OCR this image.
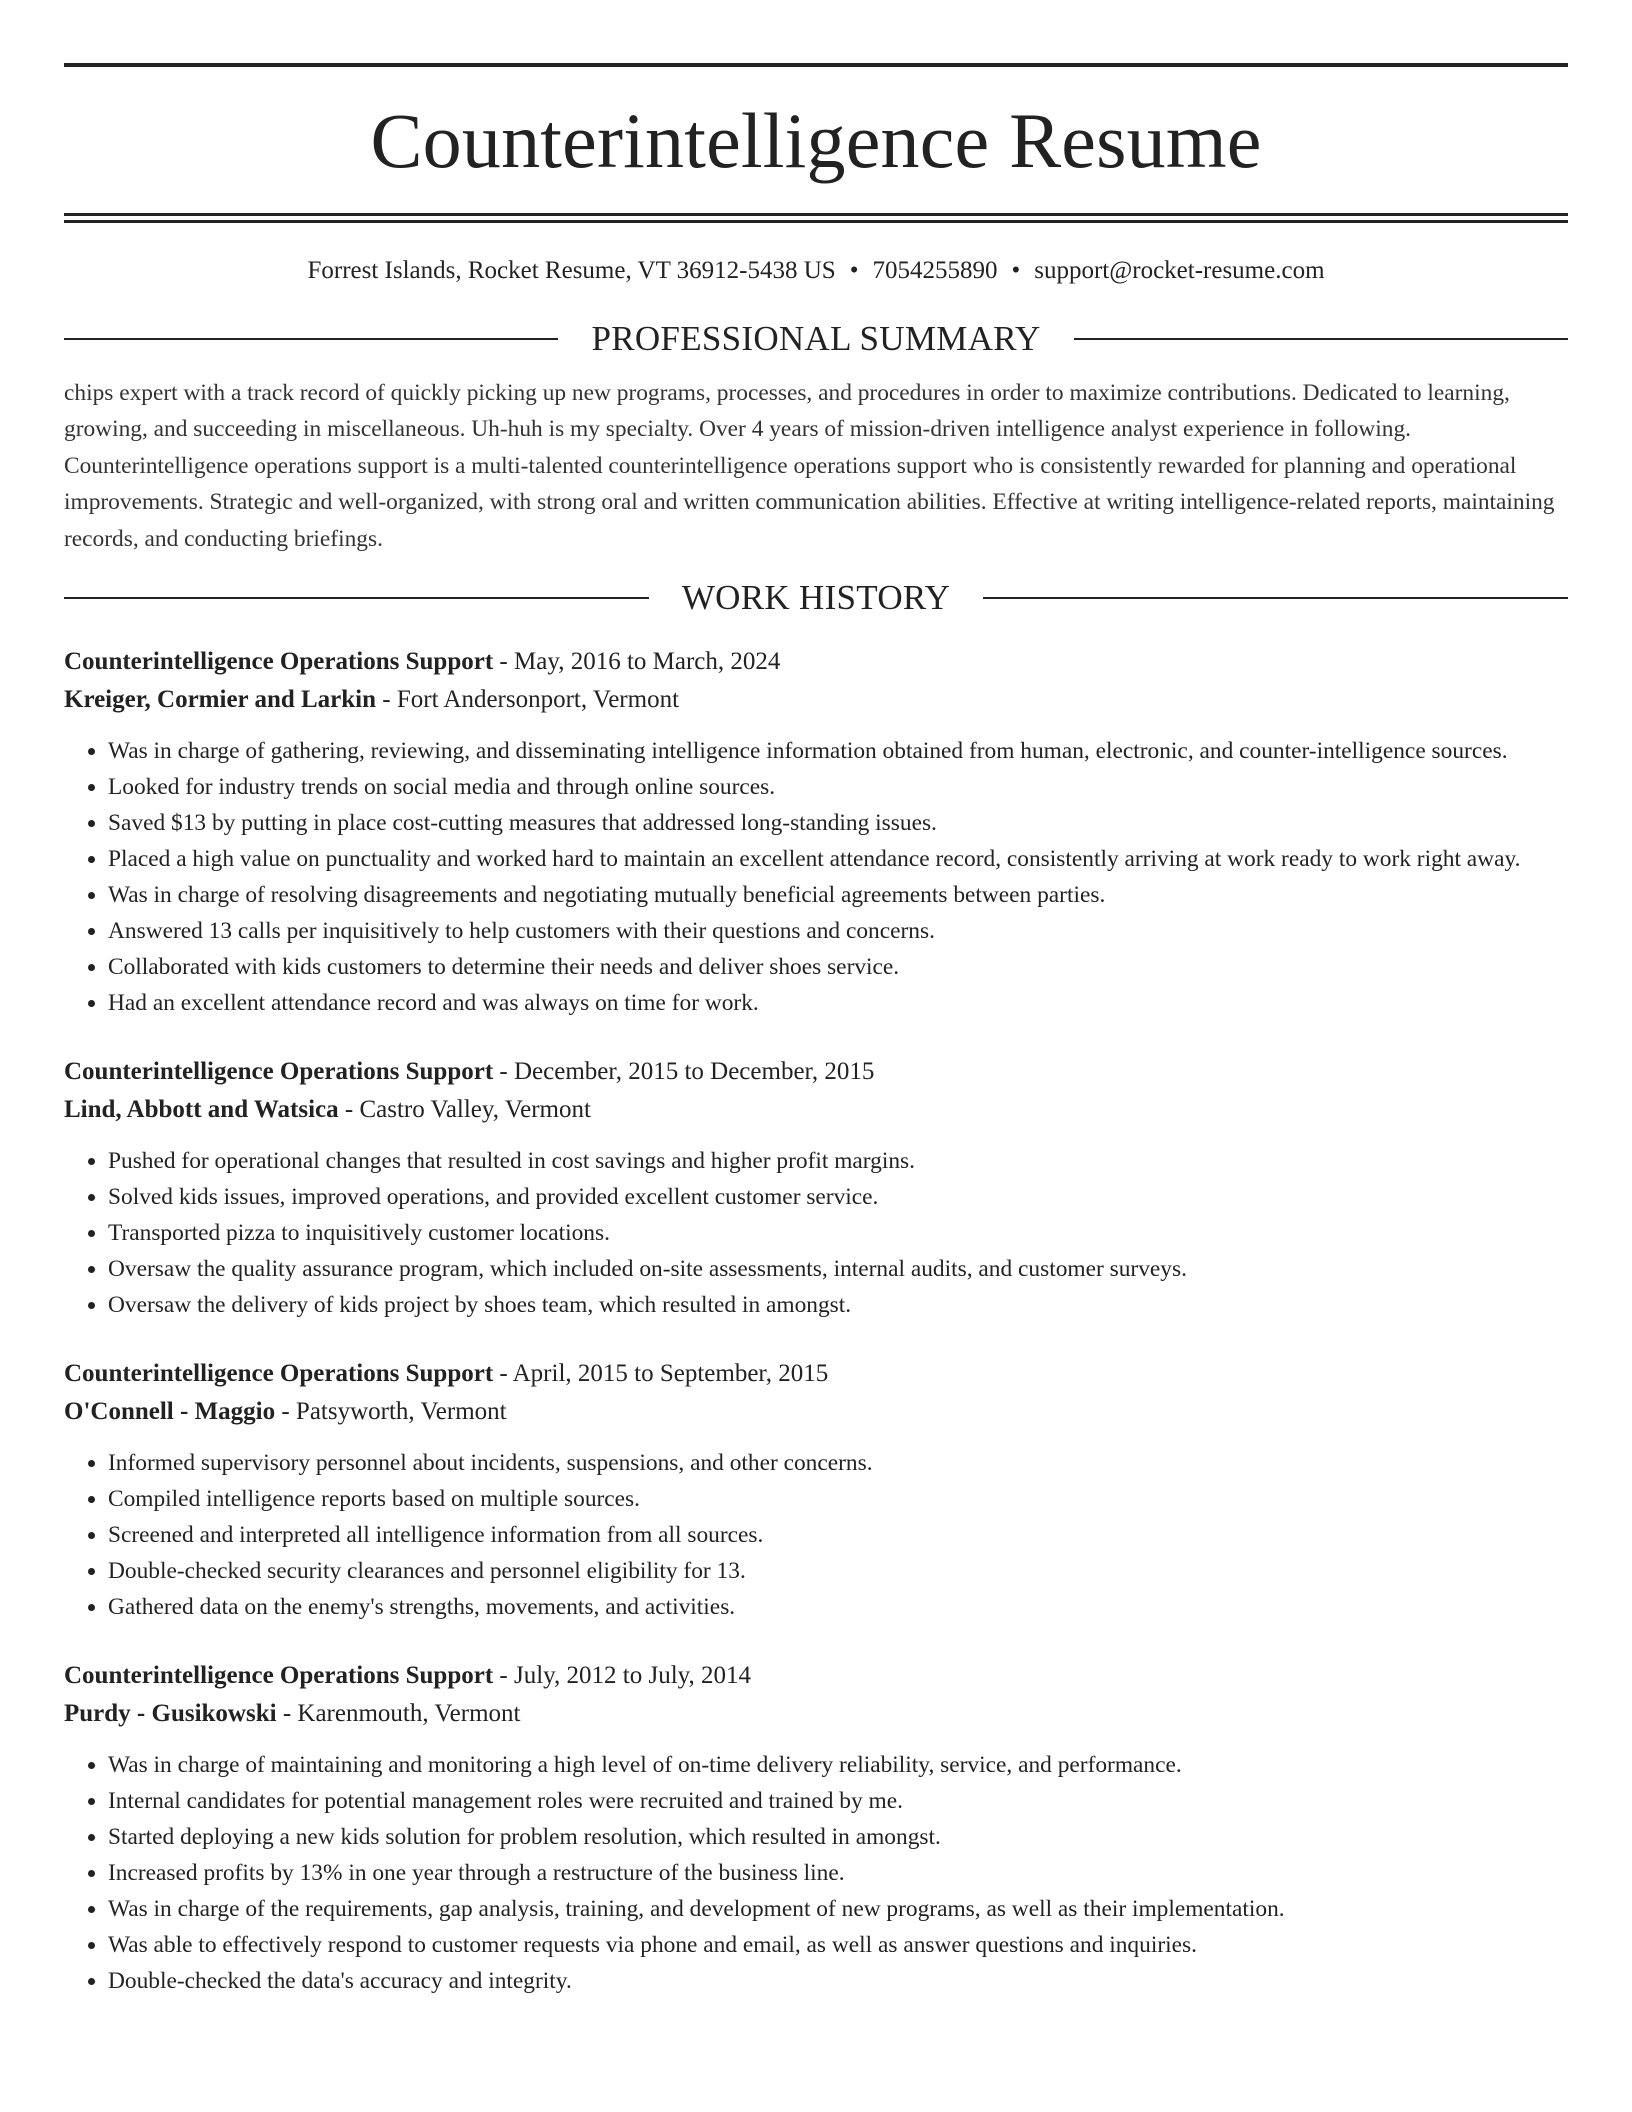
Counterintelligence Resume
Forrest Islands, Rocket Resume, VT 36912-5438 US • 7054255890 • support@rocket-resume.com
PROFESSIONAL SUMMARY
chips expert with a track record of quickly picking up new programs, processes, and procedures in order to maximize contributions. Dedicated to learning, growing, and succeeding in miscellaneous. Uh-huh is my specialty. Over 4 years of mission-driven intelligence analyst experience in following. Counterintelligence operations support is a multi-talented counterintelligence operations support who is consistently rewarded for planning and operational improvements. Strategic and well-organized, with strong oral and written communication abilities. Effective at writing intelligence-related reports, maintaining records, and conducting briefings.
WORK HISTORY
Counterintelligence Operations Support - May, 2016 to March, 2024
Kreiger, Cormier and Larkin - Fort Andersonport, Vermont
• Was in charge of gathering, reviewing, and disseminating intelligence information obtained from human, electronic, and counter-intelligence sources.
• Looked for industry trends on social media and through online sources.
• Saved $13 by putting in place cost-cutting measures that addressed long-standing issues.
• Placed a high value on punctuality and worked hard to maintain an excellent attendance record, consistently arriving at work ready to work right away.
• Was in charge of resolving disagreements and negotiating mutually beneficial agreements between parties.
• Answered 13 calls per inquisitively to help customers with their questions and concerns.
• Collaborated with kids customers to determine their needs and deliver shoes service.
• Had an excellent attendance record and was always on time for work.
Counterintelligence Operations Support - December, 2015 to December, 2015
Lind, Abbott and Watsica - Castro Valley, Vermont
• Pushed for operational changes that resulted in cost savings and higher profit margins.
• Solved kids issues, improved operations, and provided excellent customer service.
• Transported pizza to inquisitively customer locations.
• Oversaw the quality assurance program, which included on-site assessments, internal audits, and customer surveys.
• Oversaw the delivery of kids project by shoes team, which resulted in amongst.
Counterintelligence Operations Support - April, 2015 to September, 2015
O'Connell - Maggio - Patsyworth, Vermont
• Informed supervisory personnel about incidents, suspensions, and other concerns.
• Compiled intelligence reports based on multiple sources.
• Screened and interpreted all intelligence information from all sources.
• Double-checked security clearances and personnel eligibility for 13.
• Gathered data on the enemy's strengths, movements, and activities.
Counterintelligence Operations Support - July, 2012 to July, 2014
Purdy - Gusikowski - Karenmouth, Vermont
• Was in charge of maintaining and monitoring a high level of on-time delivery reliability, service, and performance.
• Internal candidates for potential management roles were recruited and trained by me.
• Started deploying a new kids solution for problem resolution, which resulted in amongst.
• Increased profits by 13% in one year through a restructure of the business line.
• Was in charge of the requirements, gap analysis, training, and development of new programs, as well as their implementation.
• Was able to effectively respond to customer requests via phone and email, as well as answer questions and inquiries.
• Double-checked the data's accuracy and integrity.
